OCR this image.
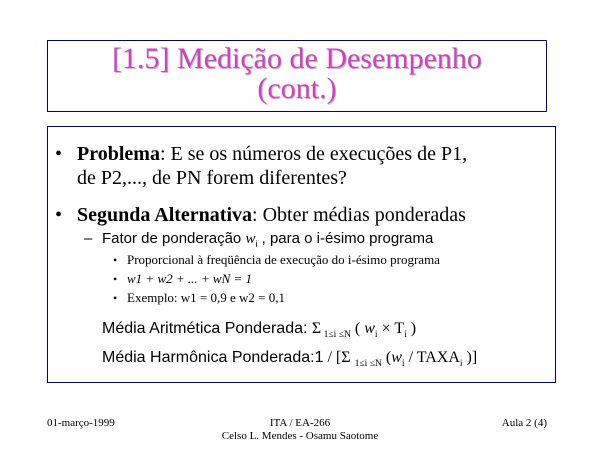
[1.5] Medição de Desempenho
(cont.)
• Problema: E se os números de execuções de P1,
de P2,..., de PN forem diferentes?
• Segunda Alternativa: Obter médias ponderadas
– Fator de ponderação $w_i$ , para o i-ésimo programa
• Proporcional à freqüência de execução do i-ésimo programa
• w1 + w2 + ... + wN = 1
• Exemplo: w1 = 0,9 e w2 = 0,1
Média Aritmética Ponderada: Σ $_{1\le i \le N}$ ( $w_i \times T_i$ )
Média Harmônica Ponderada:1 / [Σ $_{1\le i \le N}$ ($w_i$ / $TAXA_i$ )]
01-março-1999	ITA / EA-266
Celso L. Mendes - Osamu Saotome
Aula 2 (4)
